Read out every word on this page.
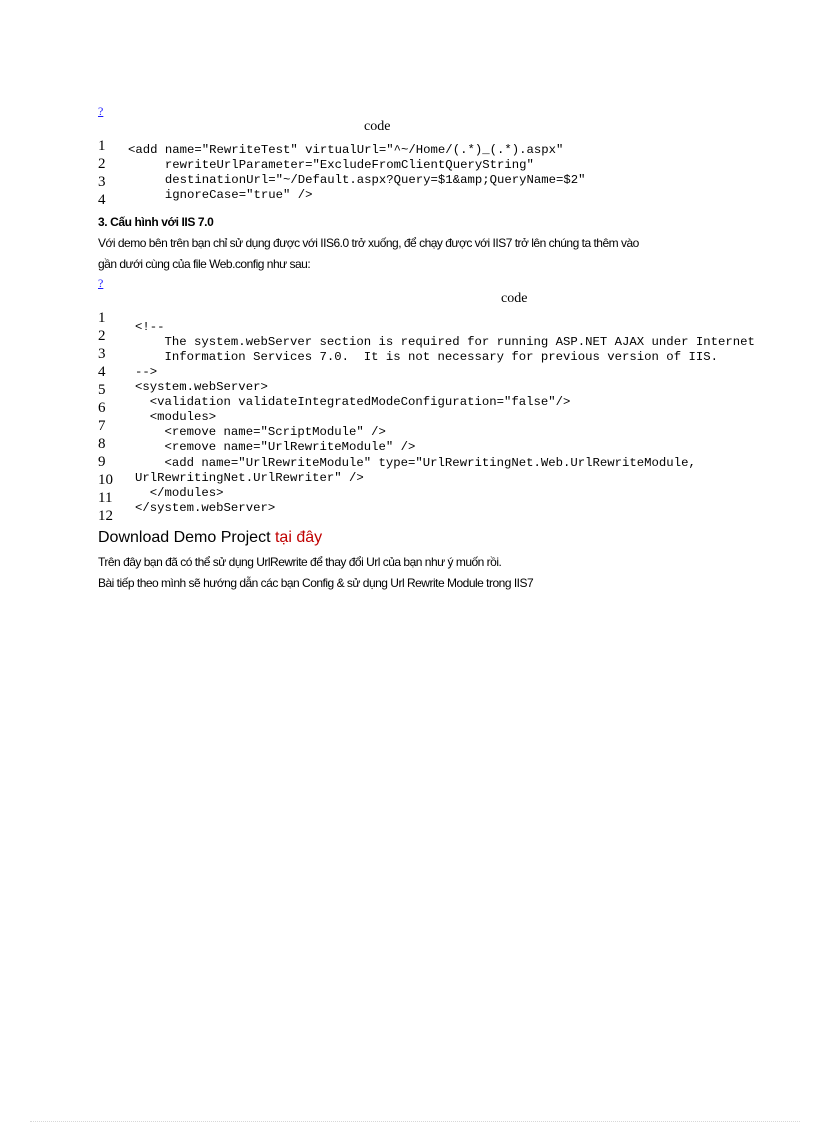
?
code
1
2
3
4
<add name="RewriteTest" virtualUrl="^~/Home/(.*)_(.*).aspx"
rewriteUrlParameter="ExcludeFromClientQueryString"
destinationUrl="~/Default.aspx?Query=$1&amp;QueryName=$2"
ignoreCase="true" />
3. Cấu hình với IIS 7.0
Với demo bên trên bạn chỉ sử dụng được với IIS6.0 trở xuống, để chạy được với IIS7 trở lên chúng ta thêm vào
gần dưới cùng của file Web.config như sau:
?
code
1
2
3
4
5
6
7
8
9
10
11
12
<!--
The system.webServer section is required for running ASP.NET AJAX under Internet
Information Services 7.0.  It is not necessary for previous version of IIS.
-->
<system.webServer>
<validation validateIntegratedModeConfiguration="false"/>
<modules>
<remove name="ScriptModule" />
<remove name="UrlRewriteModule" />
<add name="UrlRewriteModule" type="UrlRewritingNet.Web.UrlRewriteModule,
UrlRewritingNet.UrlRewriter" />
</modules>
</system.webServer>
Download Demo Project tại đây
Trên đây bạn đã có thể sử dụng UrlRewrite để thay đổi Url của bạn như ý muốn rồi.
Bài tiếp theo mình sẽ hướng dẫn các bạn Config & sử dụng Url Rewrite Module trong IIS7
